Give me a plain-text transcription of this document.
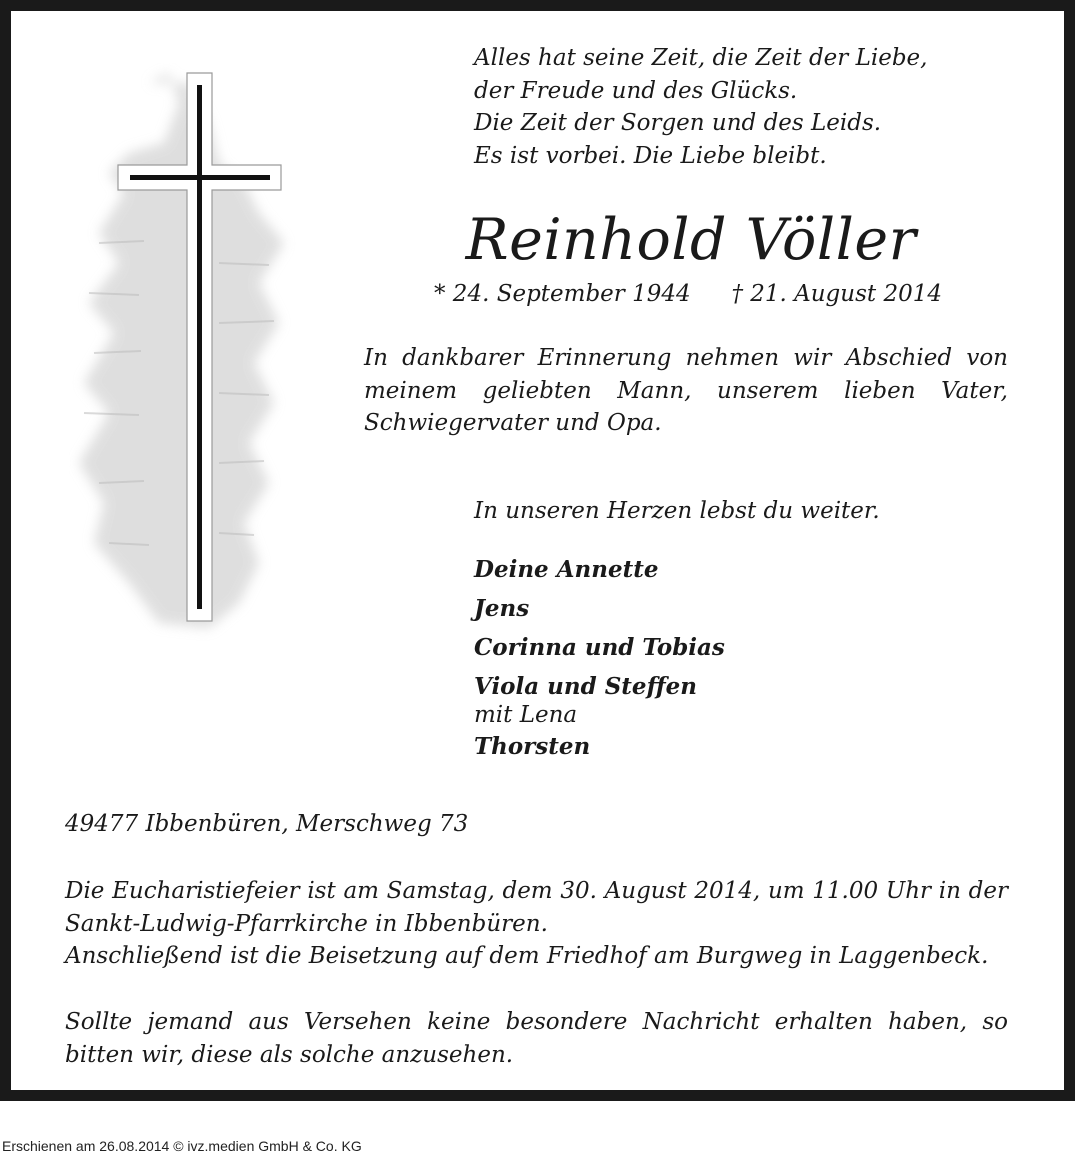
Alles hat seine Zeit, die Zeit der Liebe,
der Freude und des Glücks.
Die Zeit der Sorgen und des Leids.
Es ist vorbei. Die Liebe bleibt.
Reinhold Völler
* 24. September 1944 † 21. August 2014
In dankbarer Erinnerung nehmen wir Abschied von meinem geliebten Mann, unserem lieben Vater, Schwiegervater und Opa.
In unseren Herzen lebst du weiter.
Deine Annette
Jens
Corinna und Tobias
Viola und Steffen
mit Lena
Thorsten
49477 Ibbenbüren, Merschweg 73
Die Eucharistiefeier ist am Samstag, dem 30. August 2014, um 11.00 Uhr in der Sankt-Ludwig-Pfarrkirche in Ibbenbüren.
Anschließend ist die Beisetzung auf dem Friedhof am Burgweg in Laggenbeck.
Sollte jemand aus Versehen keine besondere Nachricht erhalten haben, so bitten wir, diese als solche anzusehen.
Erschienen am 26.08.2014 © ivz.medien GmbH & Co. KG
